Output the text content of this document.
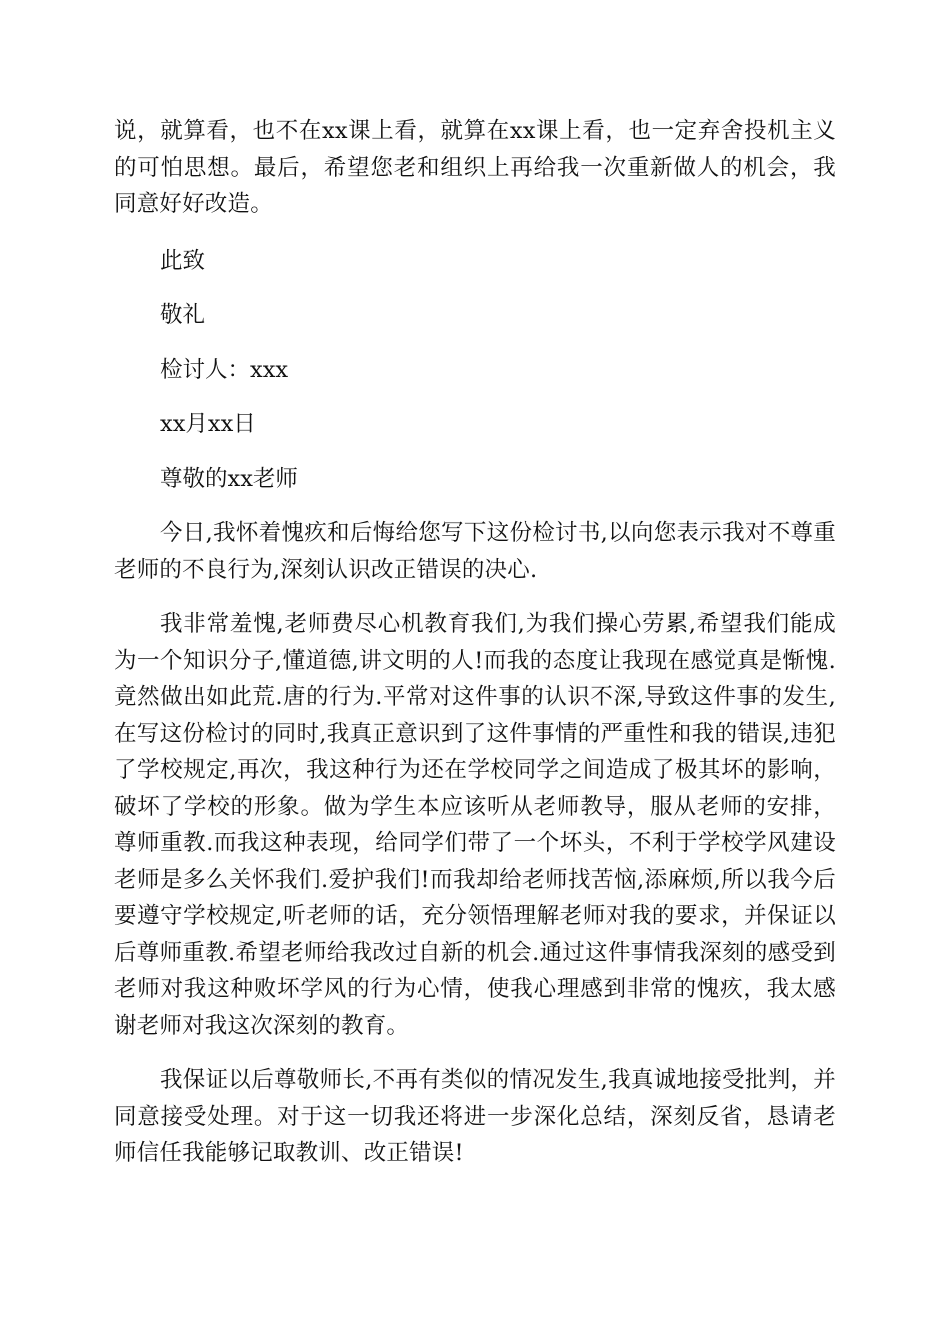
说，就算看，也不在xx课上看，就算在xx课上看，也一定弃舍投机主义的可怕思想。最后，希望您老和组织上再给我一次重新做人的机会，我同意好好改造。

此致

敬礼

检讨人：xxx

xx月xx日

尊敬的xx老师

今日,我怀着愧疚和后悔给您写下这份检讨书,以向您表示我对不尊重老师的不良行为,深刻认识改正错误的决心.

我非常羞愧,老师费尽心机教育我们,为我们操心劳累,希望我们能成为一个知识分子,懂道德,讲文明的人!而我的态度让我现在感觉真是惭愧.竟然做出如此荒.唐的行为.平常对这件事的认识不深,导致这件事的发生,在写这份检讨的同时,我真正意识到了这件事情的严重性和我的错误,违犯了学校规定,再次，我这种行为还在学校同学之间造成了极其坏的影响，破坏了学校的形象。做为学生本应该听从老师教导，服从老师的安排，尊师重教.而我这种表现，给同学们带了一个坏头，不利于学校学风建设老师是多么关怀我们.爱护我们!而我却给老师找苦恼,添麻烦,所以我今后要遵守学校规定,听老师的话，充分领悟理解老师对我的要求，并保证以后尊师重教.希望老师给我改过自新的机会.通过这件事情我深刻的感受到老师对我这种败坏学风的行为心情，使我心理感到非常的愧疚，我太感谢老师对我这次深刻的教育。

我保证以后尊敬师长,不再有类似的情况发生,我真诚地接受批判，并同意接受处理。对于这一切我还将进一步深化总结，深刻反省，恳请老师信任我能够记取教训、改正错误!
